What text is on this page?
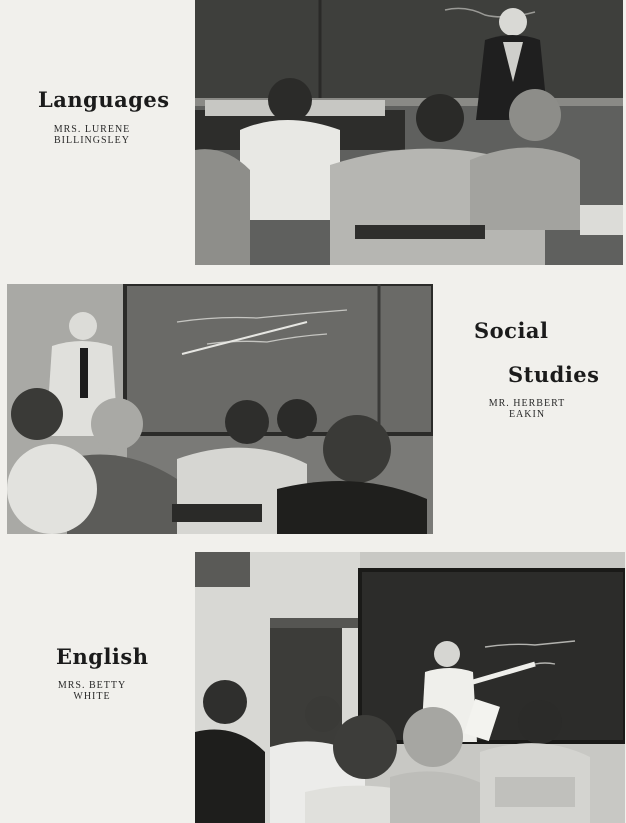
Languages

MRS. LURENE

BILLINGSLEY

Social
Studies

MR. HERBERT

EAKIN

English

MRS. BETTY

WHITE
